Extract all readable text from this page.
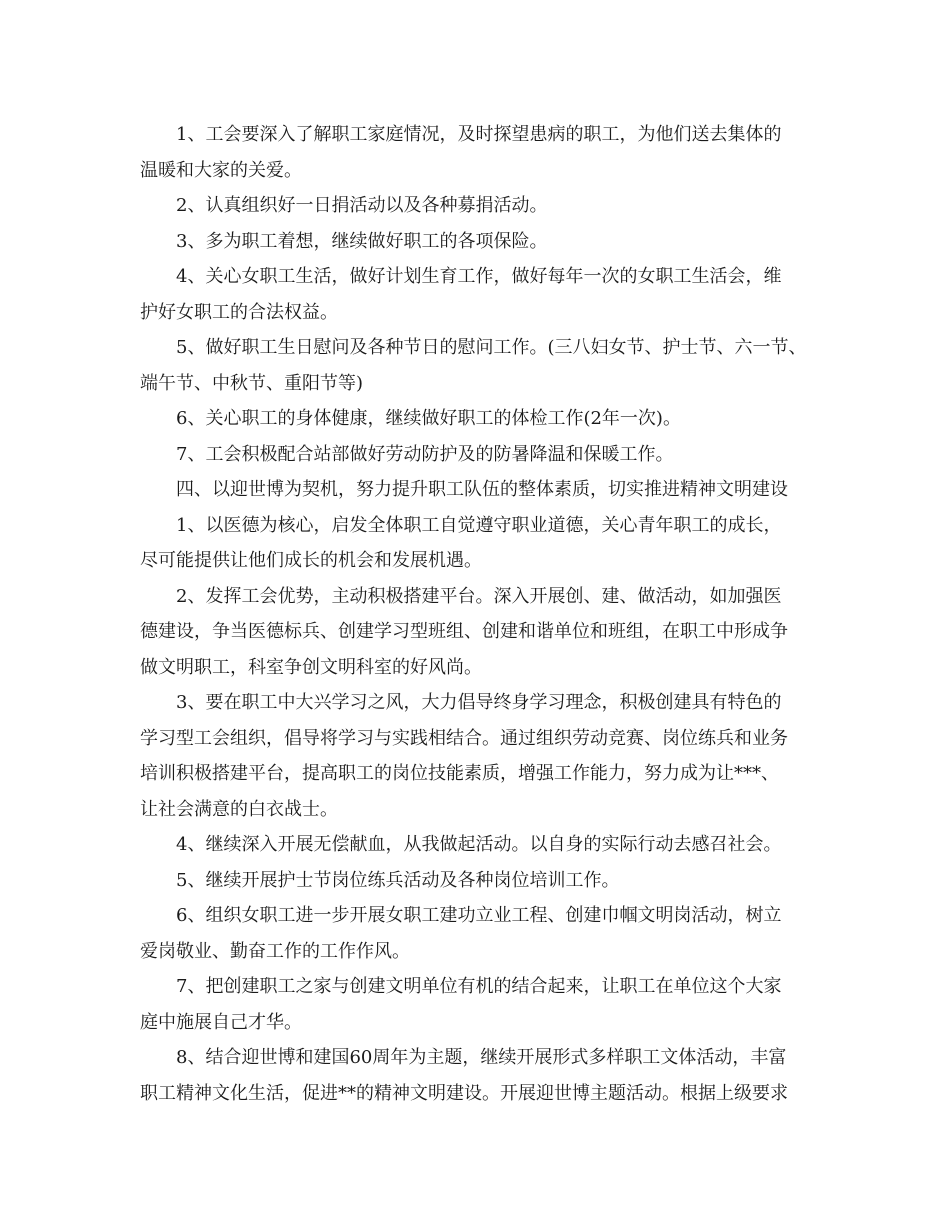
1、工会要深入了解职工家庭情况，及时探望患病的职工，为他们送去集体的
温暖和大家的关爱。
2、认真组织好一日捐活动以及各种募捐活动。
3、多为职工着想，继续做好职工的各项保险。
4、关心女职工生活，做好计划生育工作，做好每年一次的女职工生活会，维
护好女职工的合法权益。
5、做好职工生日慰问及各种节日的慰问工作。(三八妇女节、护士节、六一节、
端午节、中秋节、重阳节等)
6、关心职工的身体健康，继续做好职工的体检工作(2年一次)。
7、工会积极配合站部做好劳动防护及的防暑降温和保暖工作。
四、以迎世博为契机，努力提升职工队伍的整体素质，切实推进精神文明建设
1、以医德为核心，启发全体职工自觉遵守职业道德，关心青年职工的成长，
尽可能提供让他们成长的机会和发展机遇。
2、发挥工会优势，主动积极搭建平台。深入开展创、建、做活动，如加强医
德建设，争当医德标兵、创建学习型班组、创建和谐单位和班组，在职工中形成争
做文明职工，科室争创文明科室的好风尚。
3、要在职工中大兴学习之风，大力倡导终身学习理念，积极创建具有特色的
学习型工会组织，倡导将学习与实践相结合。通过组织劳动竞赛、岗位练兵和业务
培训积极搭建平台，提高职工的岗位技能素质，增强工作能力，努力成为让***、
让社会满意的白衣战士。
4、继续深入开展无偿献血，从我做起活动。以自身的实际行动去感召社会。
5、继续开展护士节岗位练兵活动及各种岗位培训工作。
6、组织女职工进一步开展女职工建功立业工程、创建巾帼文明岗活动，树立
爱岗敬业、勤奋工作的工作作风。
7、把创建职工之家与创建文明单位有机的结合起来，让职工在单位这个大家
庭中施展自己才华。
8、结合迎世博和建国60周年为主题，继续开展形式多样职工文体活动，丰富
职工精神文化生活，促进**的精神文明建设。开展迎世博主题活动。根据上级要求
